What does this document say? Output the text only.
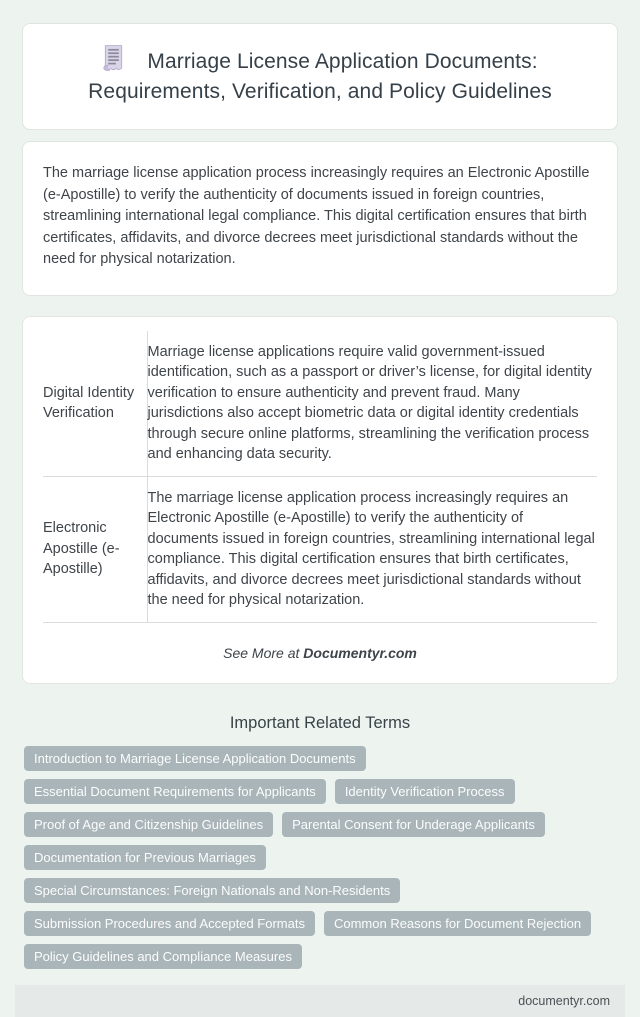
Marriage License Application Documents: Requirements, Verification, and Policy Guidelines

The marriage license application process increasingly requires an Electronic Apostille (e-Apostille) to verify the authenticity of documents issued in foreign countries, streamlining international legal compliance. This digital certification ensures that birth certificates, affidavits, and divorce decrees meet jurisdictional standards without the need for physical notarization.

Digital Identity Verification	Marriage license applications require valid government-issued identification, such as a passport or driver’s license, for digital identity verification to ensure authenticity and prevent fraud. Many jurisdictions also accept biometric data or digital identity credentials through secure online platforms, streamlining the verification process and enhancing data security.
Electronic Apostille (e-Apostille)	The marriage license application process increasingly requires an Electronic Apostille (e-Apostille) to verify the authenticity of documents issued in foreign countries, streamlining international legal compliance. This digital certification ensures that birth certificates, affidavits, and divorce decrees meet jurisdictional standards without the need for physical notarization.
See More at Documentyr.com
Important Related Terms
Introduction to Marriage License Application Documents
Essential Document Requirements for Applicants	Identity Verification Process
Proof of Age and Citizenship Guidelines	Parental Consent for Underage Applicants
Documentation for Previous Marriages
Special Circumstances: Foreign Nationals and Non-Residents
Submission Procedures and Accepted Formats	Common Reasons for Document Rejection
Policy Guidelines and Compliance Measures
documentyr.com
